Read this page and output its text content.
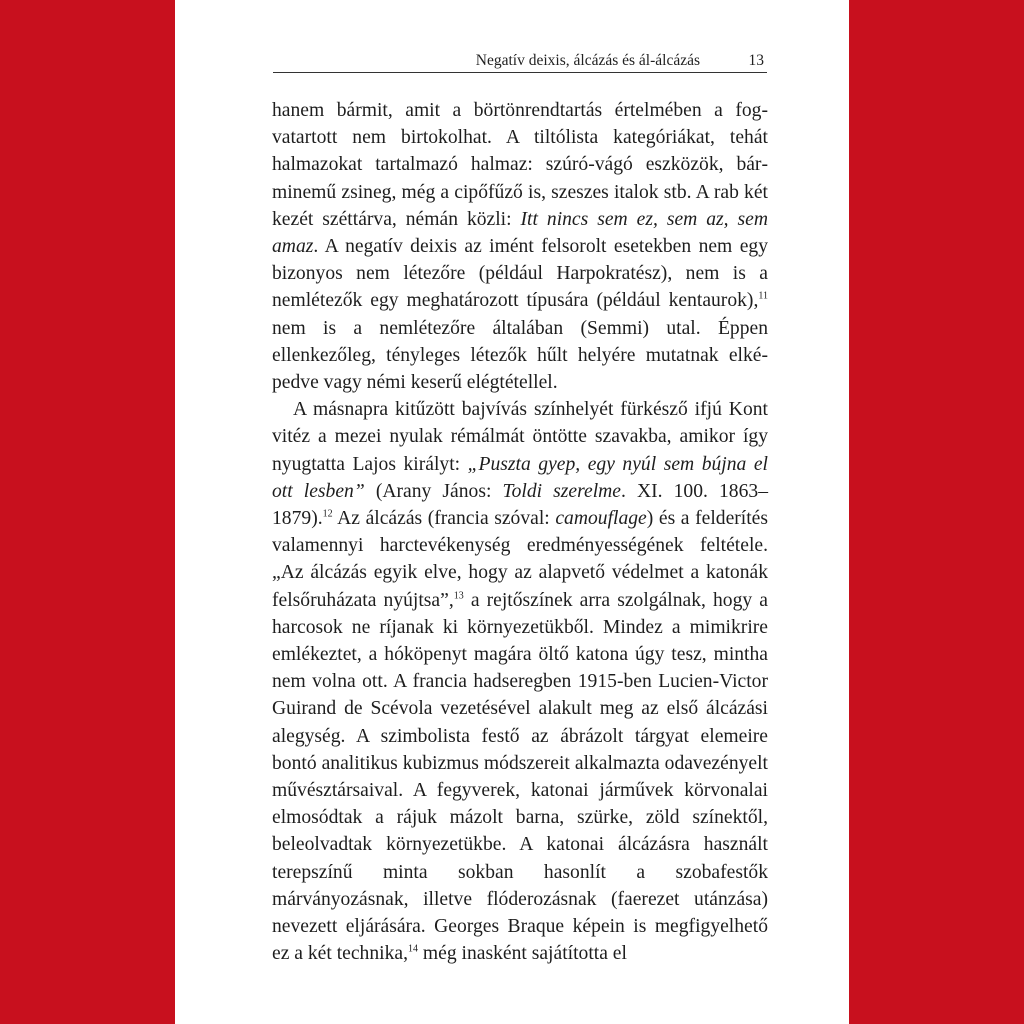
Negatív deixis, álcázás és ál-álcázás	13

hanem bármit, amit a börtönrendtartás értelmében a fogvatartott nem birtokolhat. A tiltólista kategóriákat, tehát halmazokat tartalmazó halmaz: szúró-vágó eszközök, bárminemű zsineg, még a cipőfűző is, szeszes italok stb. A rab két kezét széttárva, némán közli: Itt nincs sem ez, sem az, sem amaz. A negatív deixis az imént felsorolt esetekben nem egy bizonyos nem létezőre (például Harpokratész), nem is a nemlétezők egy meghatározott típusára (például kentaurok),$^{11}$ nem is a nemlétezőre általában (Semmi) utal. Éppen ellenkezőleg, tényleges létezők hűlt helyére mutatnak elképedve vagy némi keserű elégtétellel.

A másnapra kitűzött bajvívás színhelyét fürkésző ifjú Kont vitéz a mezei nyulak rémálmát öntötte szavakba, amikor így nyugtatta Lajos királyt: „Puszta gyep, egy nyúl sem bújna el ott lesben” (Arany János: Toldi szerelme. XI. 100. 1863–1879).$^{12}$ Az álcázás (francia szóval: camouflage) és a felderítés valamennyi harctevékenység eredményességének feltétele. „Az álcázás egyik elve, hogy az alapvető védelmet a katonák felsőruházata nyújtsa”,$^{13}$ a rejtőszínek arra szolgálnak, hogy a harcosok ne ríjanak ki környezetükből. Mindez a mimikrire emlékeztet, a hóköpenyt magára öltő katona úgy tesz, mintha nem volna ott. A francia hadseregben 1915-ben Lucien-Victor Guirand de Scévola vezetésével alakult meg az első álcázási alegység. A szimbolista festő az ábrázolt tárgyat elemeire bontó analitikus kubizmus módszereit alkalmazta odavezényelt művésztársaival. A fegyverek, katonai járművek körvonalai elmosódtak a rájuk mázolt barna, szürke, zöld színektől, beleolvadtak környezetükbe. A katonai álcázásra használt terepszínű minta sokban hasonlít a szobafestők márványozásnak, illetve flóderozásnak (faerezet utánzása) nevezett eljárására. Georges Braque képein is megfigyelhető ez a két technika,$^{14}$ még inasként sajátította el
